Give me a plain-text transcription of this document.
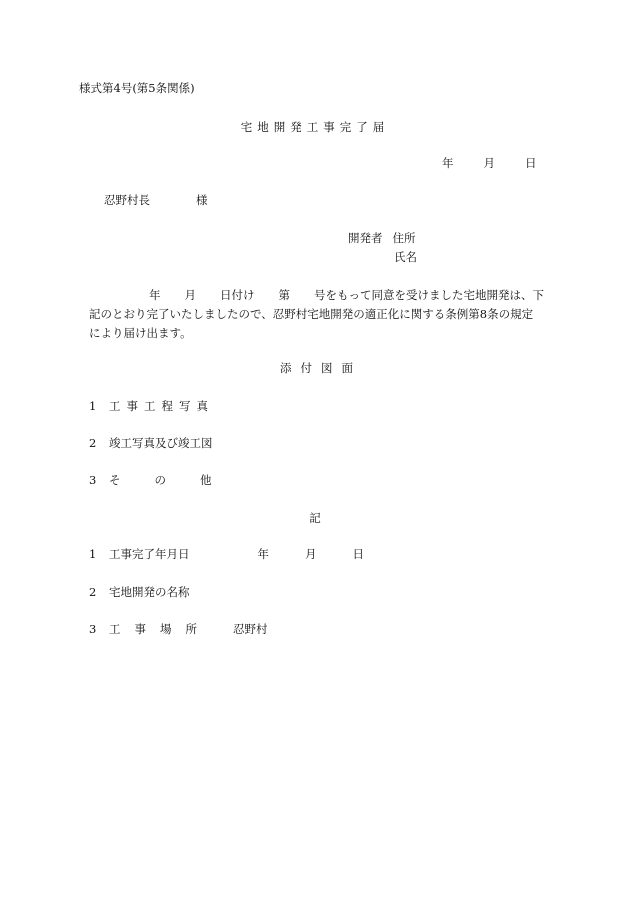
様式第4号(第5条関係)
宅地開発工事完了届
年	月	日
忍野村長	様
開発者 住所
氏名
年 月 日付け 第 号をもって同意を受けました宅地開発は、下
記のとおり完了いたしましたので、忍野村宅地開発の適正化に関する条例第8条の規定
により届け出ます。
添付図面
1 工事工程写真
2 竣工写真及び竣工図
3 その他
記
1 工事完了年月日	年	月	日
2 宅地開発の名称
3 工事場所 忍野村
